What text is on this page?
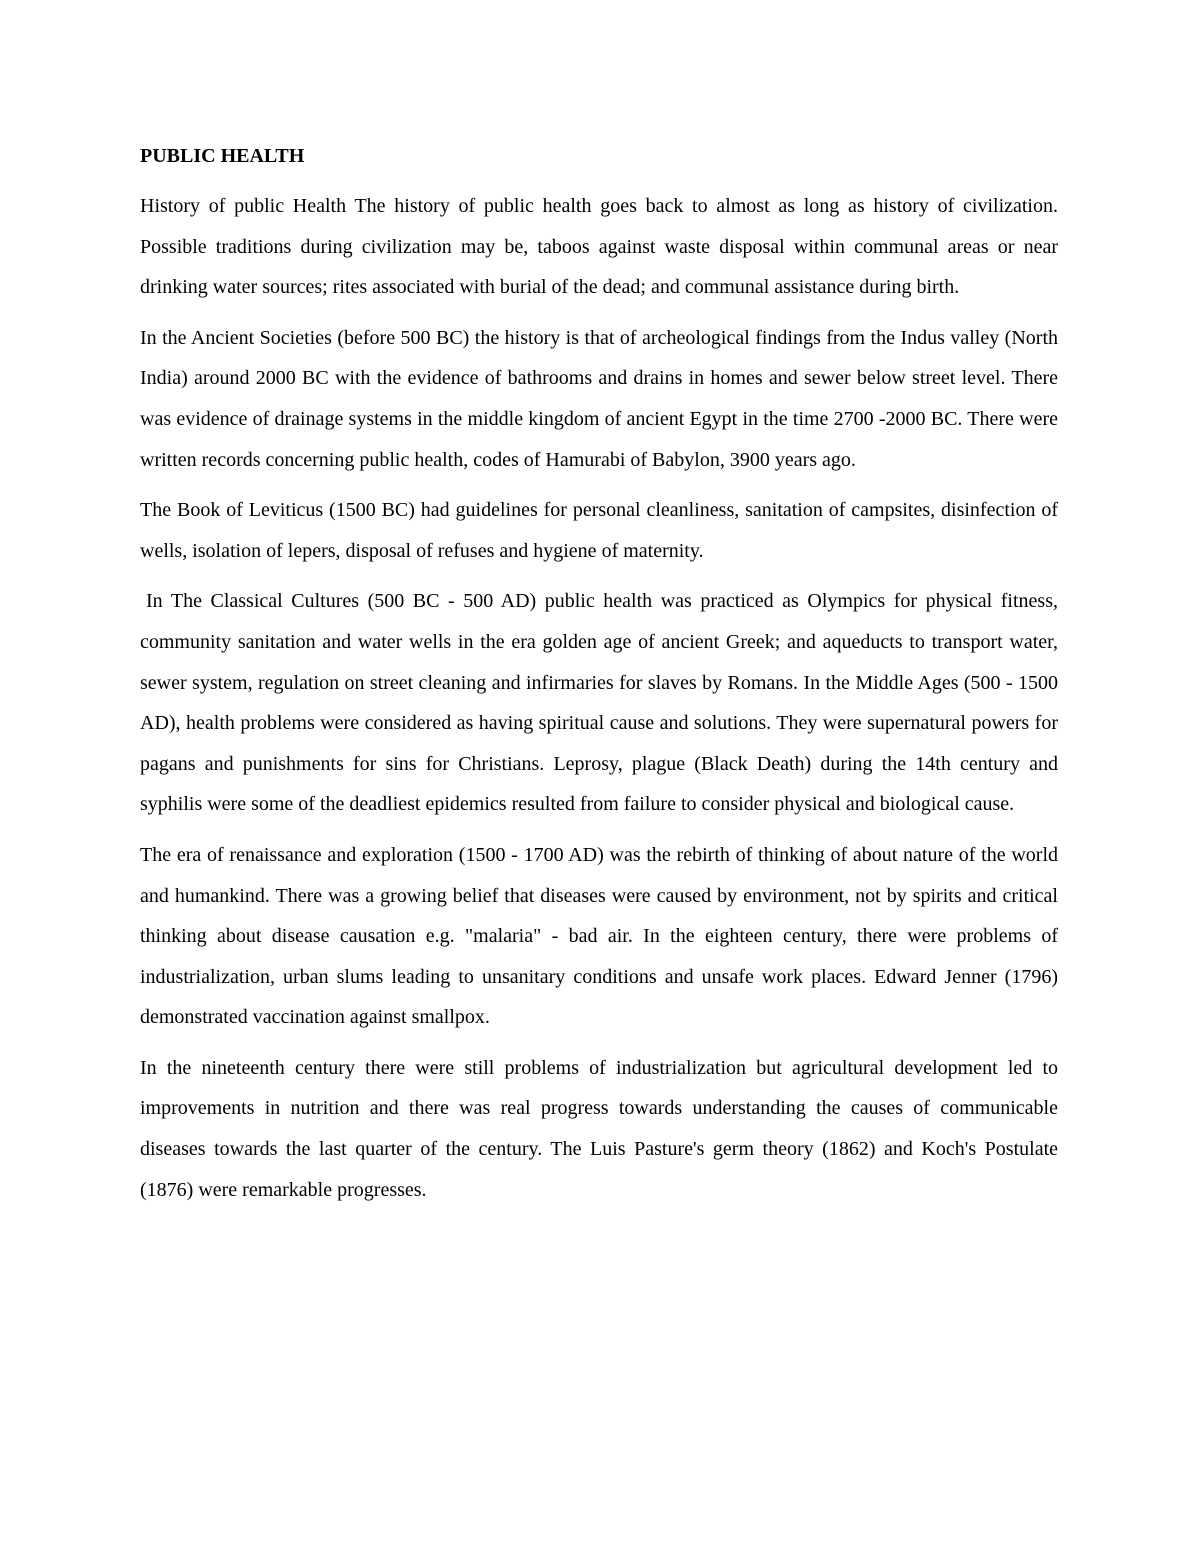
PUBLIC HEALTH

History of public Health The history of public health goes back to almost as long as history of civilization. Possible traditions during civilization may be, taboos against waste disposal within communal areas or near drinking water sources; rites associated with burial of the dead; and communal assistance during birth.

In the Ancient Societies (before 500 BC) the history is that of archeological findings from the Indus valley (North India) around 2000 BC with the evidence of bathrooms and drains in homes and sewer below street level. There was evidence of drainage systems in the middle kingdom of ancient Egypt in the time 2700 -2000 BC. There were written records concerning public health, codes of Hamurabi of Babylon, 3900 years ago.

The Book of Leviticus (1500 BC) had guidelines for personal cleanliness, sanitation of campsites, disinfection of wells, isolation of lepers, disposal of refuses and hygiene of maternity.

In The Classical Cultures (500 BC - 500 AD) public health was practiced as Olympics for physical fitness, community sanitation and water wells in the era golden age of ancient Greek; and aqueducts to transport water, sewer system, regulation on street cleaning and infirmaries for slaves by Romans. In the Middle Ages (500 - 1500 AD), health problems were considered as having spiritual cause and solutions. They were supernatural powers for pagans and punishments for sins for Christians. Leprosy, plague (Black Death) during the 14th century and syphilis were some of the deadliest epidemics resulted from failure to consider physical and biological cause.

The era of renaissance and exploration (1500 - 1700 AD) was the rebirth of thinking of about nature of the world and humankind. There was a growing belief that diseases were caused by environment, not by spirits and critical thinking about disease causation e.g. "malaria" - bad air. In the eighteen century, there were problems of industrialization, urban slums leading to unsanitary conditions and unsafe work places. Edward Jenner (1796) demonstrated vaccination against smallpox.

In the nineteenth century there were still problems of industrialization but agricultural development led to improvements in nutrition and there was real progress towards understanding the causes of communicable diseases towards the last quarter of the century. The Luis Pasture's germ theory (1862) and Koch's Postulate (1876) were remarkable progresses.
